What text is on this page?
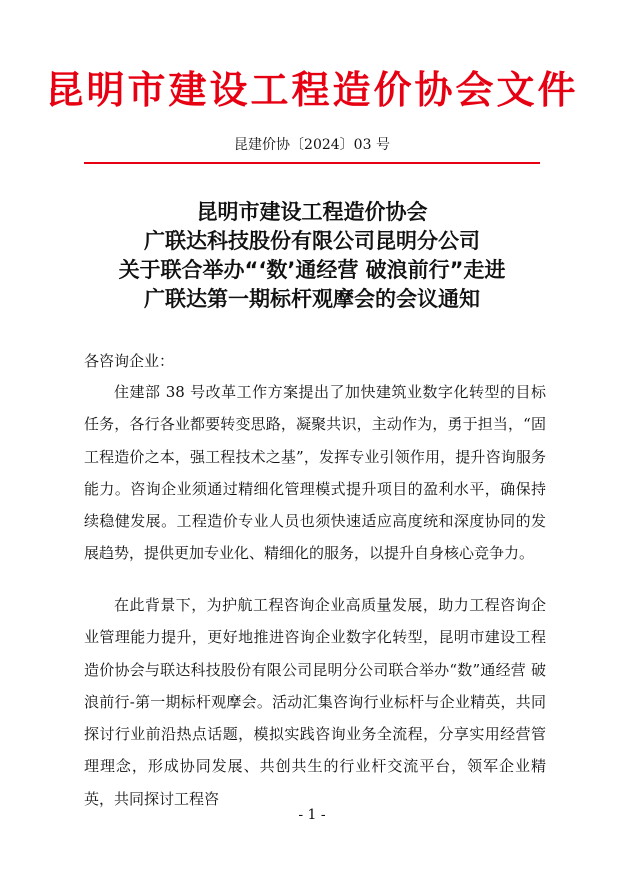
昆明市建设工程造价协会文件
昆建价协〔2024〕03 号
昆明市建设工程造价协会
广联达科技股份有限公司昆明分公司
关于联合举办“‘数’通经营 破浪前行”走进
广联达第一期标杆观摩会的会议通知
各咨询企业：

住建部 38 号改革工作方案提出了加快建筑业数字化转型的目标任务，各行各业都要转变思路，凝聚共识，主动作为，勇于担当，“固工程造价之本，强工程技术之基”，发挥专业引领作用，提升咨询服务能力。咨询企业须通过精细化管理模式提升项目的盈利水平，确保持续稳健发展。工程造价专业人员也须快速适应高度统和深度协同的发展趋势，提供更加专业化、精细化的服务，以提升自身核心竞争力。

在此背景下，为护航工程咨询企业高质量发展，助力工程咨询企业管理能力提升，更好地推进咨询企业数字化转型，昆明市建设工程造价协会与联达科技股份有限公司昆明分公司联合举办“数”通经营 破浪前行-第一期标杆观摩会。活动汇集咨询行业标杆与企业精英，共同探讨行业前沿热点话题，模拟实践咨询业务全流程，分享实用经营管理理念，形成协同发展、共创共生的行业杆交流平台，领军企业精英，共同探讨工程咨

- 1 -
